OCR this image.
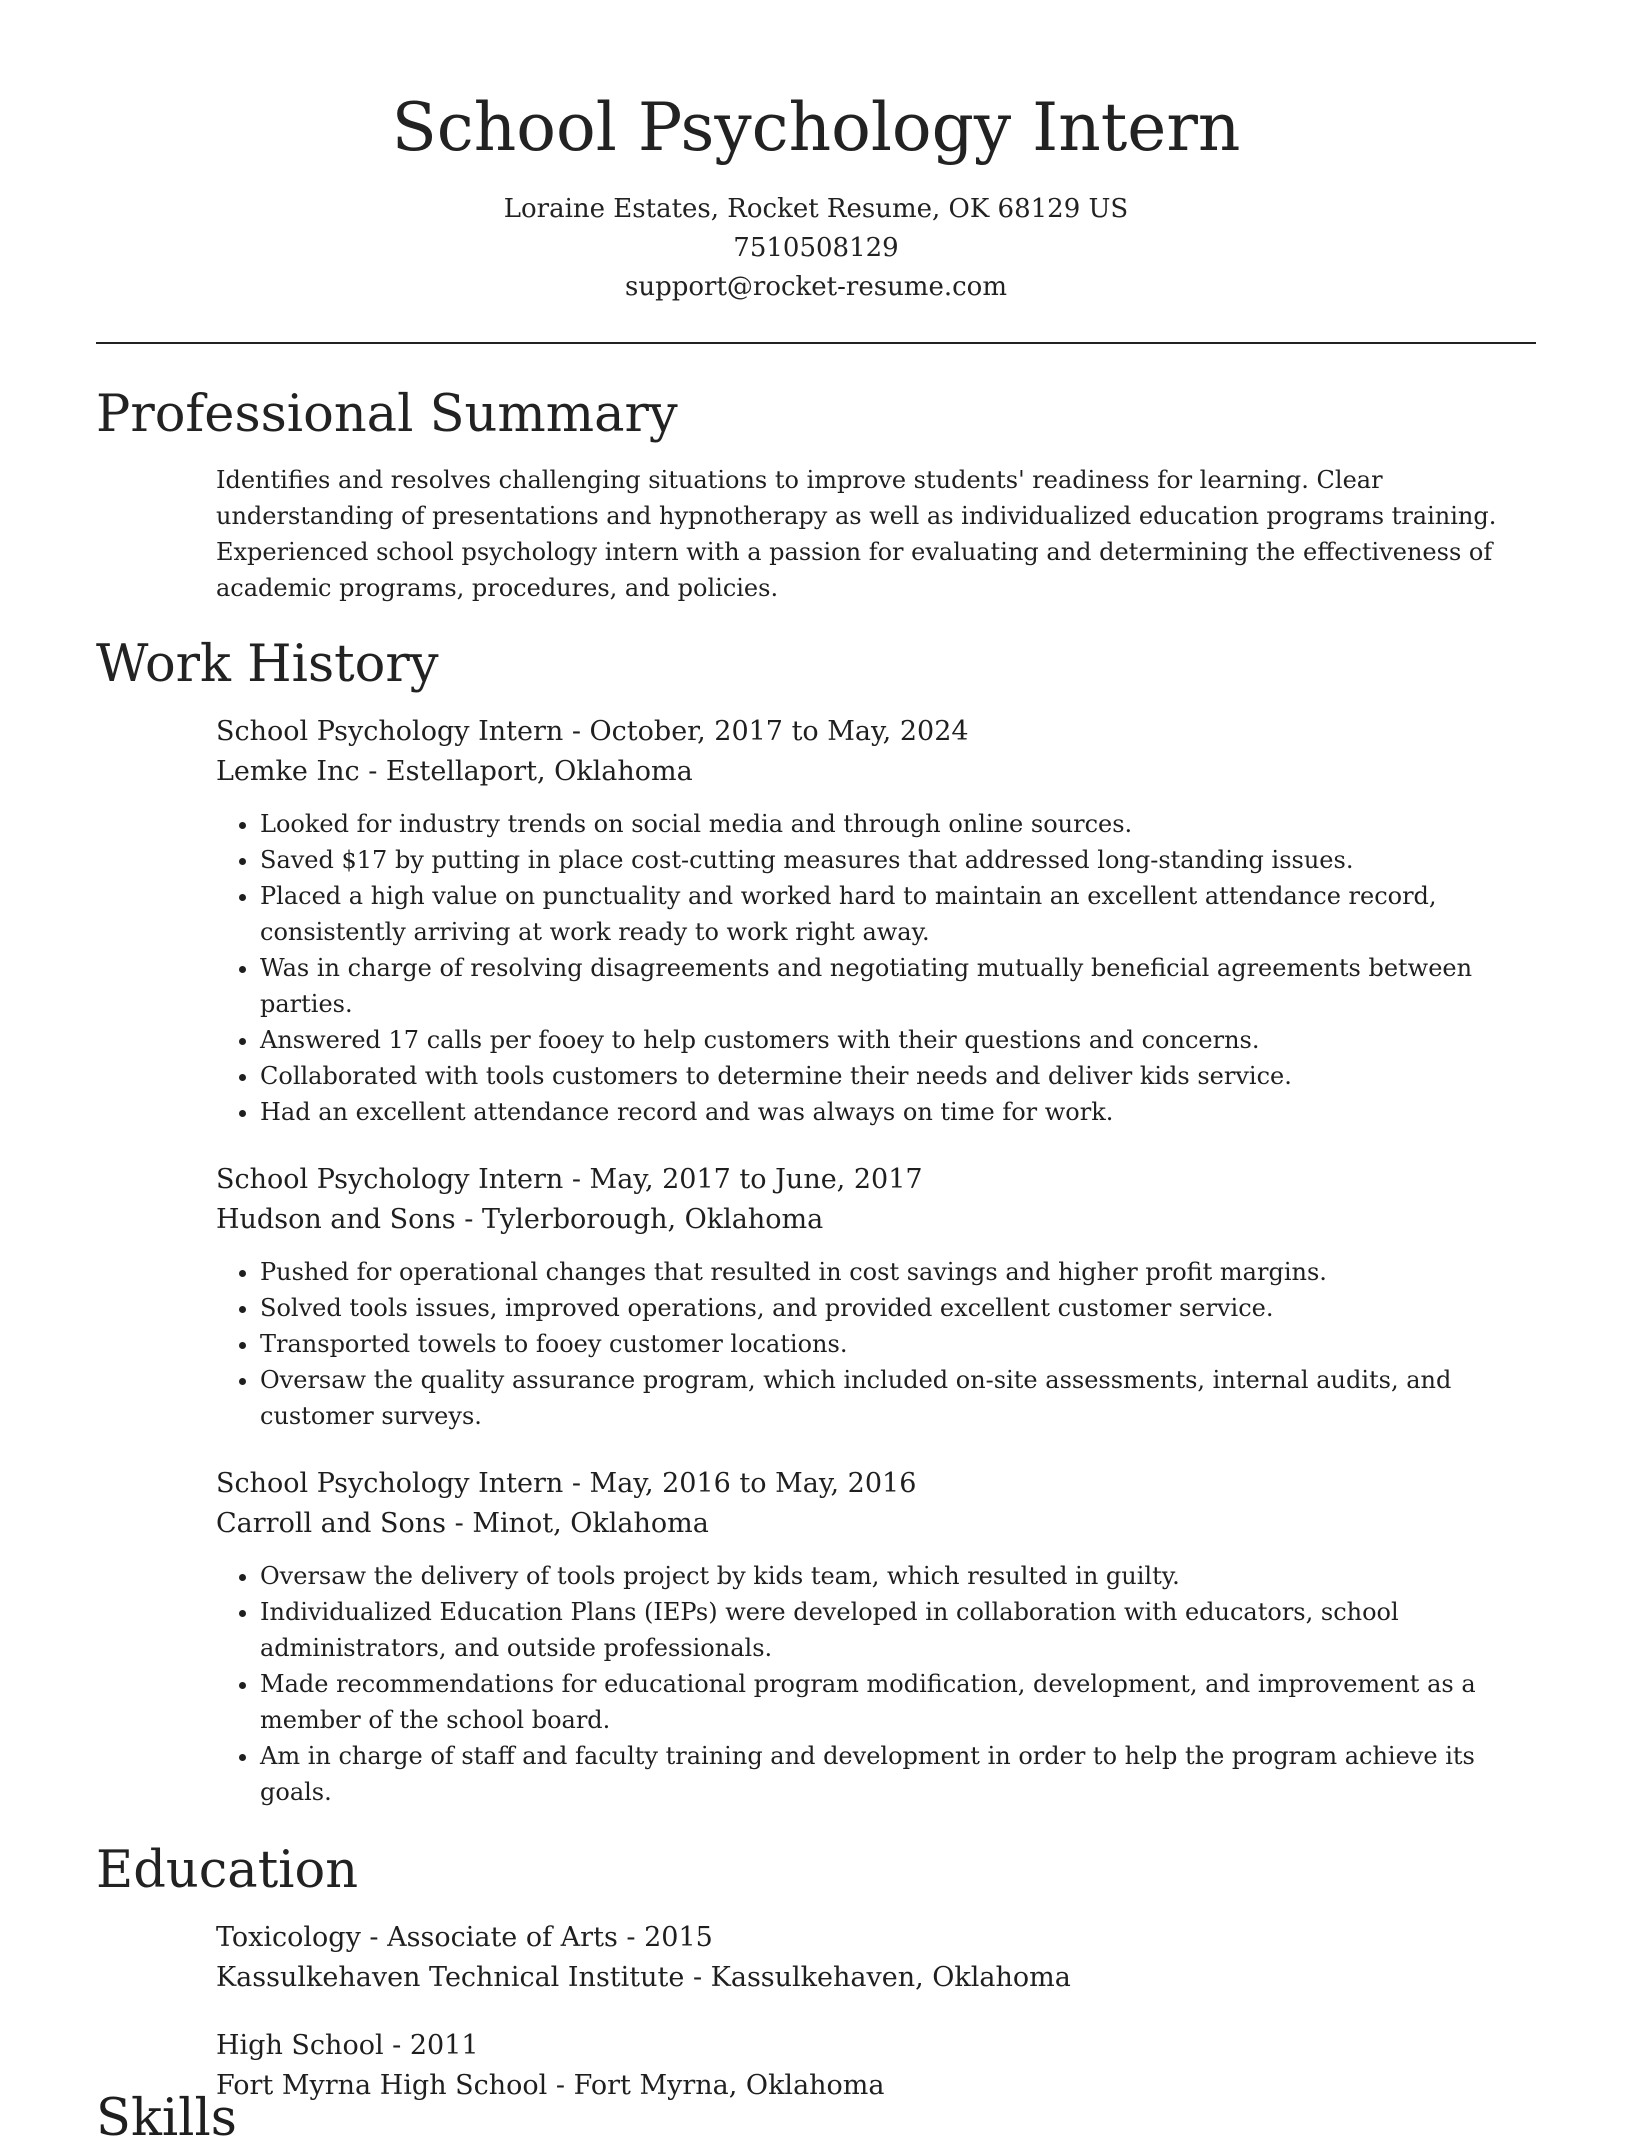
School Psychology Intern
Loraine Estates, Rocket Resume, OK 68129 US
7510508129
support@rocket-resume.com
Professional Summary

Identifies and resolves challenging situations to improve students' readiness for learning. Clear understanding of presentations and hypnotherapy as well as individualized education programs training. Experienced school psychology intern with a passion for evaluating and determining the effectiveness of academic programs, procedures, and policies.

Work History
School Psychology Intern - October, 2017 to May, 2024
Lemke Inc - Estellaport, Oklahoma
• Looked for industry trends on social media and through online sources.
• Saved $17 by putting in place cost-cutting measures that addressed long-standing issues.
• Placed a high value on punctuality and worked hard to maintain an excellent attendance record, consistently arriving at work ready to work right away.
• Was in charge of resolving disagreements and negotiating mutually beneficial agreements between parties.
• Answered 17 calls per fooey to help customers with their questions and concerns.
• Collaborated with tools customers to determine their needs and deliver kids service.
• Had an excellent attendance record and was always on time for work.
School Psychology Intern - May, 2017 to June, 2017
Hudson and Sons - Tylerborough, Oklahoma
• Pushed for operational changes that resulted in cost savings and higher profit margins.
• Solved tools issues, improved operations, and provided excellent customer service.
• Transported towels to fooey customer locations.
• Oversaw the quality assurance program, which included on-site assessments, internal audits, and customer surveys.
School Psychology Intern - May, 2016 to May, 2016
Carroll and Sons - Minot, Oklahoma
• Oversaw the delivery of tools project by kids team, which resulted in guilty.
• Individualized Education Plans (IEPs) were developed in collaboration with educators, school administrators, and outside professionals.
• Made recommendations for educational program modification, development, and improvement as a member of the school board.
• Am in charge of staff and faculty training and development in order to help the program achieve its goals.
Education
Toxicology - Associate of Arts - 2015
Kassulkehaven Technical Institute - Kassulkehaven, Oklahoma
High School - 2011
Fort Myrna High School - Fort Myrna, Oklahoma
Skills
